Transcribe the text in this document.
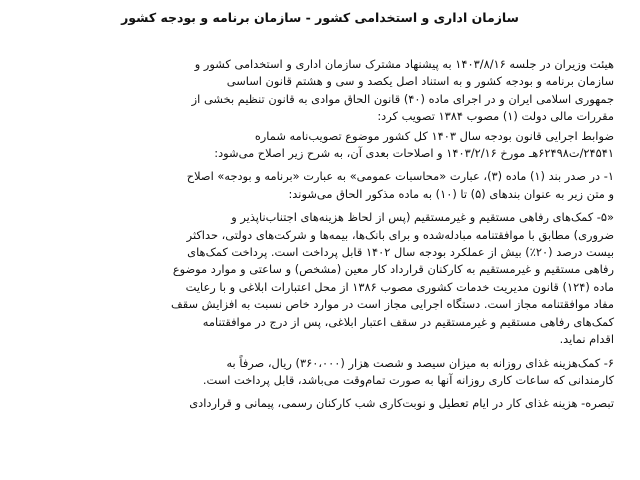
سازمان اداری و استخدامی کشور - سازمان برنامه و بودجه کشور
هیئت وزیران در جلسه ۱۴۰۳/۸/۱۶ به پیشنهاد مشترک سازمان اداری و استخدامی کشور و
سازمان برنامه و بودجه کشور و به استناد اصل یکصد و سی و هشتم قانون اساسی
جمهوری اسلامی ایران و در اجرای ماده (۴۰) قانون الحاق موادی به قانون تنظیم بخشی از
مقررات مالی دولت (۱) مصوب ۱۳۸۴ تصویب کرد:
ضوابط اجرایی قانون بودجه سال ۱۴۰۳ کل کشور موضوع تصویب‌نامه شماره
۲۴۵۴۱/ت۶۲۴۹۸هـ مورخ ۱۴۰۳/۲/۱۶ و اصلاحات بعدی آن، به شرح زیر اصلاح می‌شود:
۱- در صدر بند (۱) ماده (۳)، عبارت «محاسبات عمومی» به عبارت «برنامه و بودجه» اصلاح
و متن زیر به عنوان بندهای (۵) تا (۱۰) به ماده مذکور الحاق می‌شوند:
«۵- کمک‌های رفاهی مستقیم و غیرمستقیم (پس از لحاظ هزینه‌های اجتناب‌ناپذیر و
ضروری) مطابق با موافقتنامه مبادله‌شده و برای بانک‌ها، بیمه‌ها و شرکت‌های دولتی، حداکثر
بیست درصد (۲۰٪) بیش از عملکرد بودجه سال ۱۴۰۲ قابل پرداخت است. پرداخت کمک‌های
رفاهی مستقیم و غیرمستقیم به کارکنان قرارداد کار معین (مشخص) و ساعتی و موارد موضوع
ماده (۱۲۴) قانون مدیریت خدمات کشوری مصوب ۱۳۸۶ از محل اعتبارات ابلاغی و با رعایت
مفاد موافقتنامه مجاز است. دستگاه اجرایی مجاز است در موارد خاص نسبت به افزایش سقف
کمک‌های رفاهی مستقیم و غیرمستقیم در سقف اعتبار ابلاغی، پس از درج در موافقتنامه
اقدام نماید.
۶- کمک‌هزینه غذای روزانه به میزان سیصد و شصت هزار (۳۶۰،۰۰۰) ریال، صرفاً به
کارمندانی که ساعات کاری روزانه آنها به صورت تمام‌وقت می‌باشد، قابل پرداخت است.
تبصره- هزینه غذای کار در ایام تعطیل و نوبت‌کاری شب کارکنان رسمی، پیمانی و قراردادی
